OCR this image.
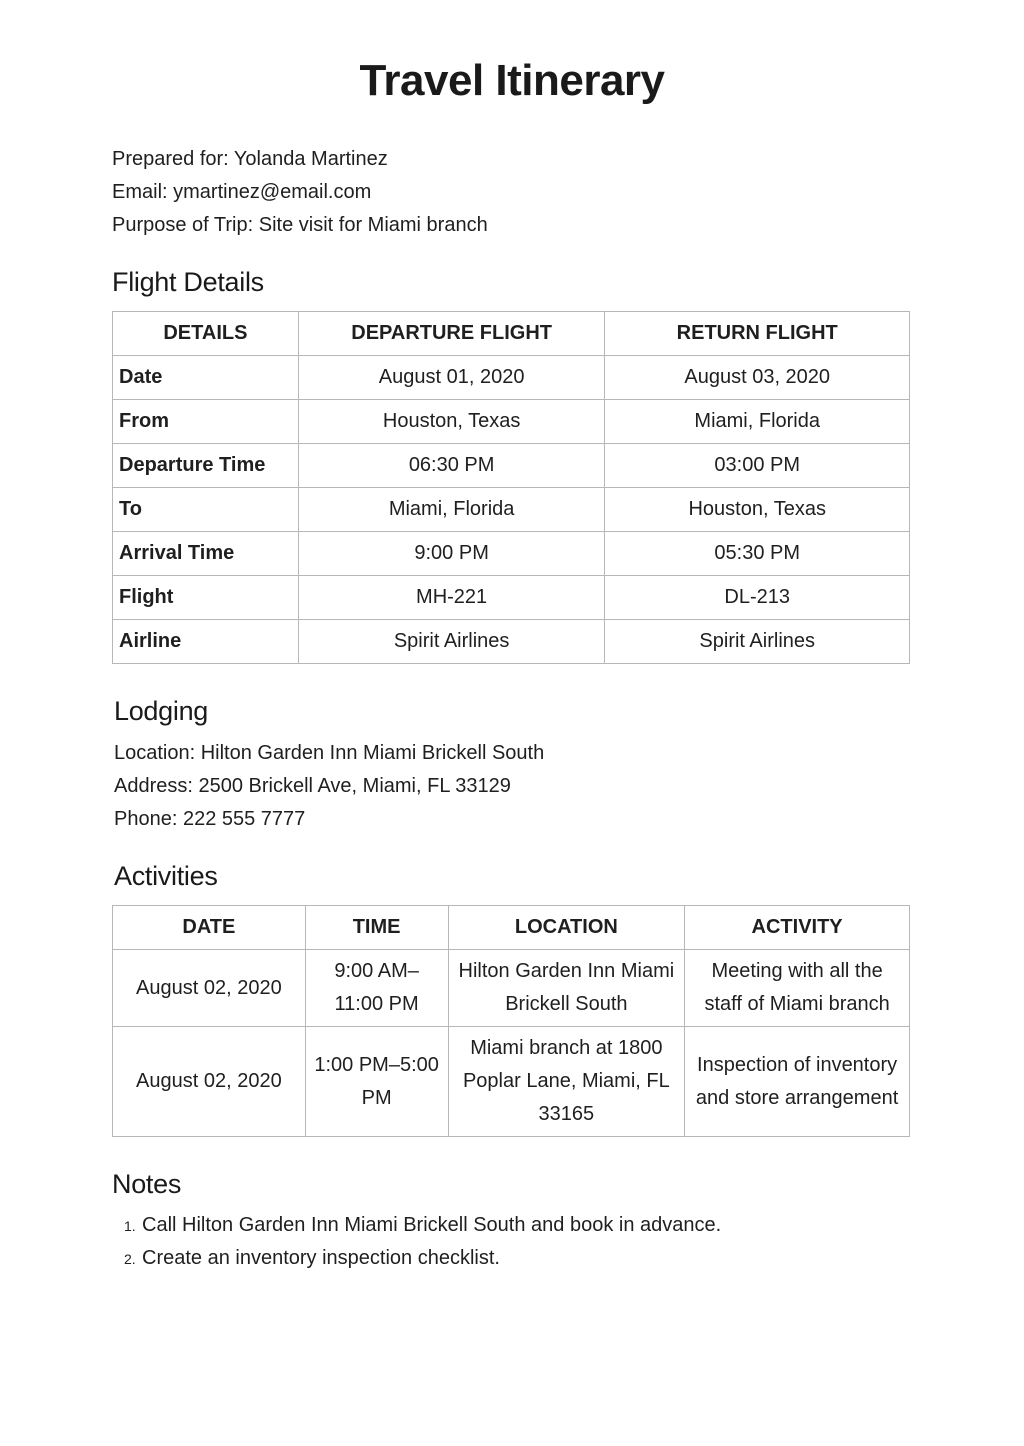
Travel Itinerary
Prepared for: Yolanda Martinez
Email: ymartinez@email.com
Purpose of Trip: Site visit for Miami branch
Flight Details
DETAILS	DEPARTURE FLIGHT	RETURN FLIGHT
Date	August 01, 2020	August 03, 2020
From	Houston, Texas	Miami, Florida
Departure Time	06:30 PM	03:00 PM
To	Miami, Florida	Houston, Texas
Arrival Time	9:00 PM	05:30 PM
Flight	MH-221	DL-213
Airline	Spirit Airlines	Spirit Airlines
Lodging
Location: Hilton Garden Inn Miami Brickell South
Address: 2500 Brickell Ave, Miami, FL 33129
Phone: 222 555 7777
Activities
DATE	TIME	LOCATION	ACTIVITY
August 02, 2020	9:00 AM–11:00 PM	Hilton Garden Inn Miami Brickell South	Meeting with all the staff of Miami branch
August 02, 2020	1:00 PM–5:00 PM	Miami branch at 1800 Poplar Lane, Miami, FL 33165	Inspection of inventory and store arrangement
Notes
1. Call Hilton Garden Inn Miami Brickell South and book in advance.
2. Create an inventory inspection checklist.
